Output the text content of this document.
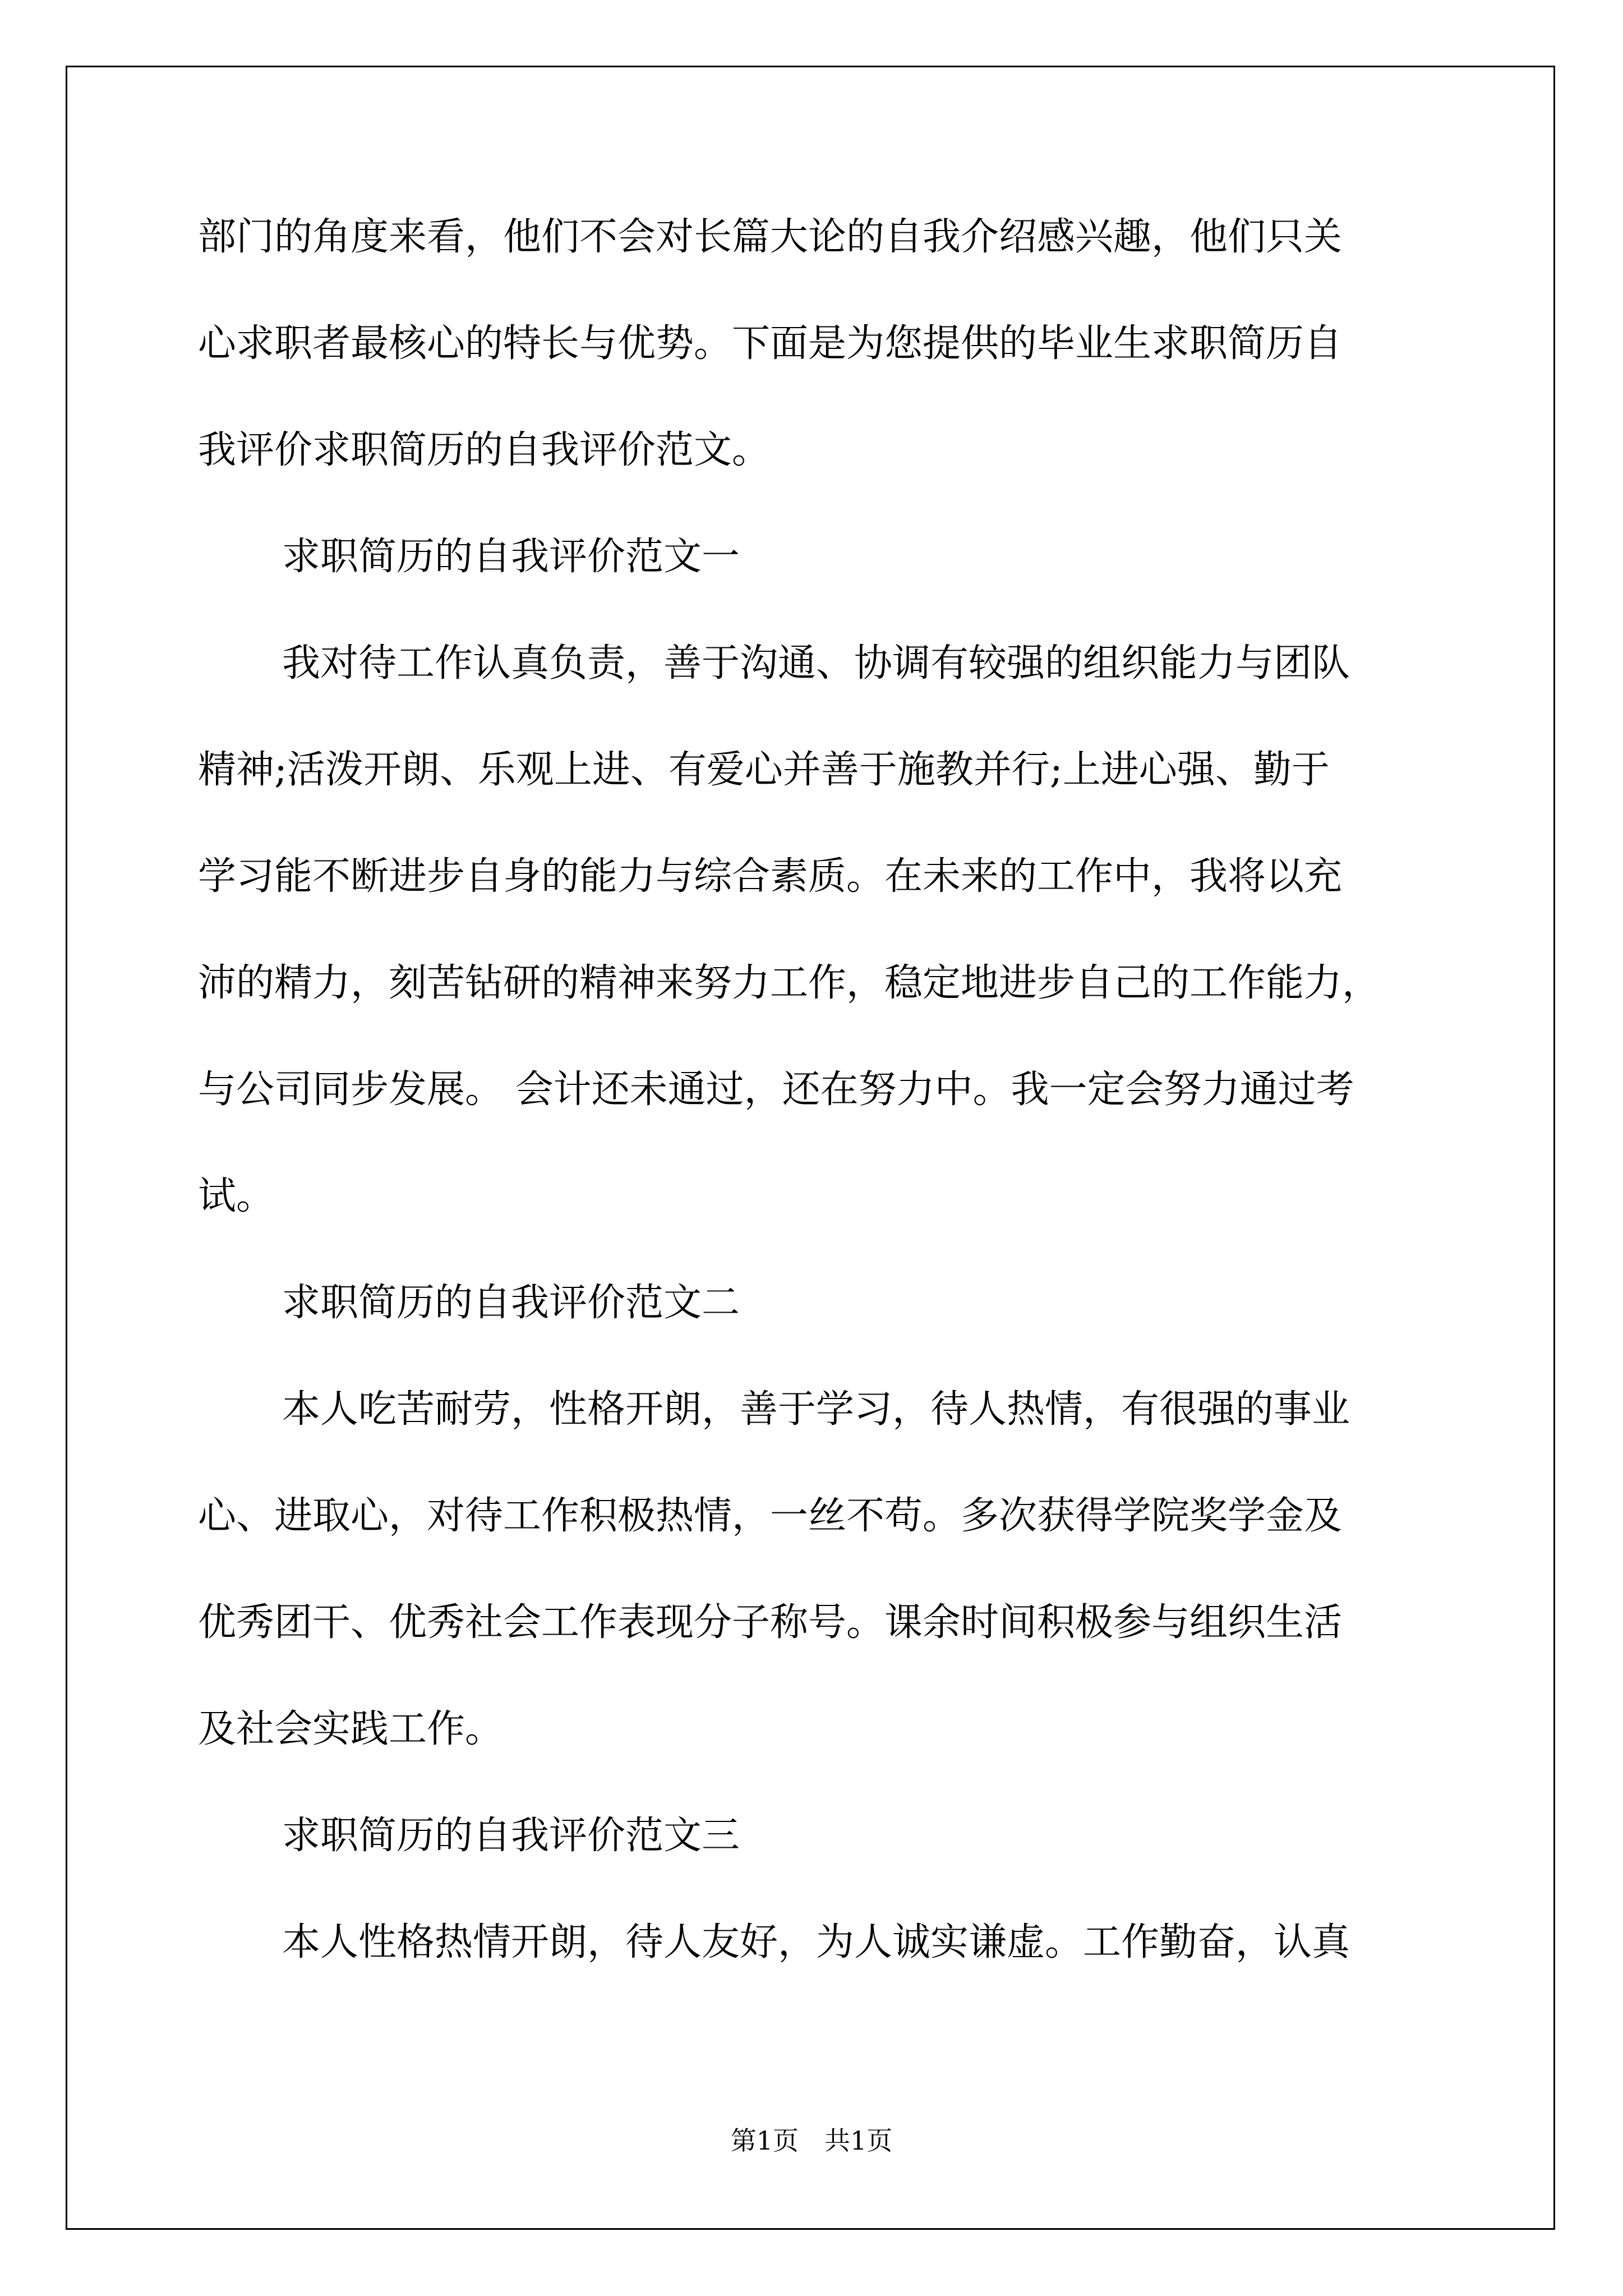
部门的角度来看，他们不会对长篇大论的自我介绍感兴趣，他们只关
心求职者最核心的特长与优势。下面是为您提供的毕业生求职简历自
我评价求职简历的自我评价范文。
求职简历的自我评价范文一
我对待工作认真负责，善于沟通、协调有较强的组织能力与团队
精神;活泼开朗、乐观上进、有爱心并善于施教并行;上进心强、勤于
学习能不断进步自身的能力与综合素质。在未来的工作中，我将以充
沛的精力，刻苦钻研的精神来努力工作，稳定地进步自己的工作能力，
与公司同步发展。 会计还未通过，还在努力中。我一定会努力通过考
试。
求职简历的自我评价范文二
本人吃苦耐劳，性格开朗，善于学习，待人热情，有很强的事业
心、进取心，对待工作积极热情，一丝不苟。多次获得学院奖学金及
优秀团干、优秀社会工作表现分子称号。课余时间积极参与组织生活
及社会实践工作。
求职简历的自我评价范文三
本人性格热情开朗，待人友好，为人诚实谦虚。工作勤奋，认真
第1页　共1页
